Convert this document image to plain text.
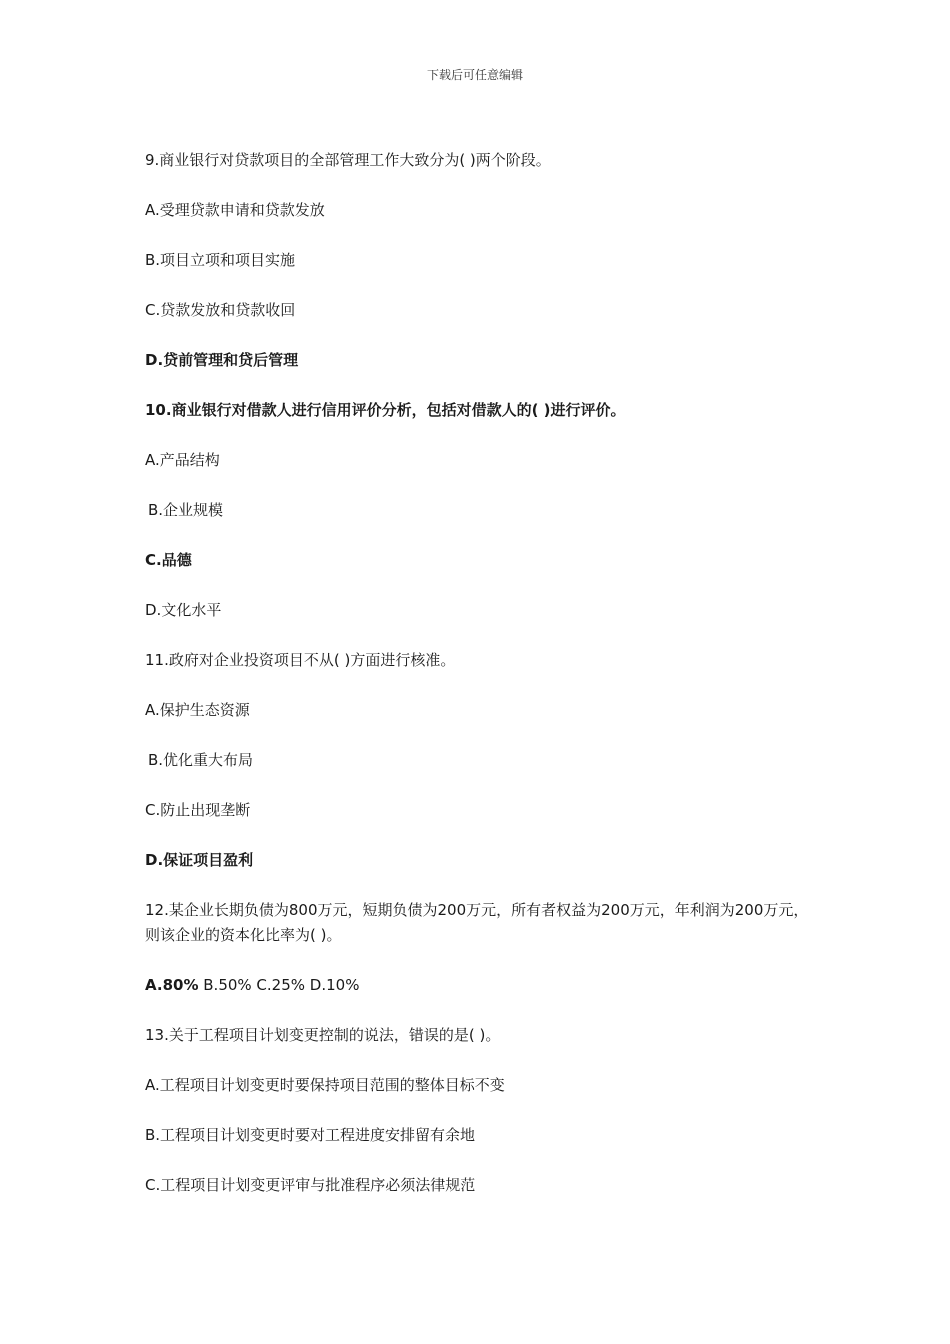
下载后可任意编辑
9.商业银行对贷款项目的全部管理工作大致分为( )两个阶段。
A.受理贷款申请和贷款发放
B.项目立项和项目实施
C.贷款发放和贷款收回
D.贷前管理和贷后管理
10.商业银行对借款人进行信用评价分析，包括对借款人的( )进行评价。
A.产品结构
B.企业规模
C.品德
D.文化水平
11.政府对企业投资项目不从( )方面进行核准。
A.保护生态资源
B.优化重大布局
C.防止出现垄断
D.保证项目盈利
12.某企业长期负债为800万元，短期负债为200万元，所有者权益为200万元，年利润为200万元，则该企业的资本化比率为( )。
A.80% B.50% C.25% D.10%
13.关于工程项目计划变更控制的说法，错误的是( )。
A.工程项目计划变更时要保持项目范围的整体目标不变
B.工程项目计划变更时要对工程进度安排留有余地
C.工程项目计划变更评审与批准程序必须法律规范
